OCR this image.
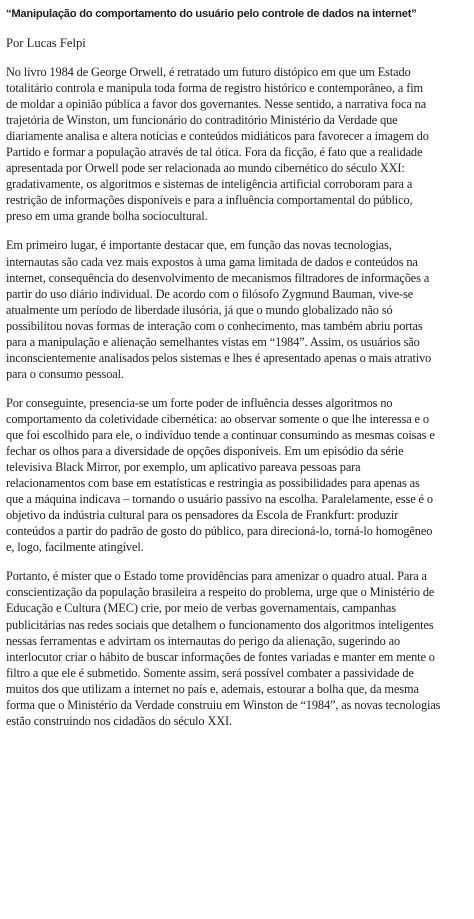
“Manipulação do comportamento do usuário pelo controle de dados na internet”
Por Lucas Felpi
No livro 1984 de George Orwell, é retratado um futuro distópico em que um Estado
totalitário controla e manipula toda forma de registro histórico e contemporâneo, a fim
de moldar a opinião pública a favor dos governantes. Nesse sentido, a narrativa foca na
trajetória de Winston, um funcionário do contraditório Ministério da Verdade que
diariamente analisa e altera notícias e conteúdos midiáticos para favorecer a imagem do
Partido e formar a população através de tal ótica. Fora da ficção, é fato que a realidade
apresentada por Orwell pode ser relacionada ao mundo cibernético do século XXI:
gradativamente, os algoritmos e sistemas de inteligência artificial corroboram para a
restrição de informações disponíveis e para a influência comportamental do público,
preso em uma grande bolha sociocultural.
Em primeiro lugar, é importante destacar que, em função das novas tecnologias,
internautas são cada vez mais expostos à uma gama limitada de dados e conteúdos na
internet, consequência do desenvolvimento de mecanismos filtradores de informações a
partir do uso diário individual. De acordo com o filósofo Zygmund Bauman, vive-se
atualmente um período de liberdade ilusória, já que o mundo globalizado não só
possibilitou novas formas de interação com o conhecimento, mas também abriu portas
para a manipulação e alienação semelhantes vistas em “1984”. Assim, os usuários são
inconscientemente analisados pelos sistemas e lhes é apresentado apenas o mais atrativo
para o consumo pessoal.
Por conseguinte, presencia-se um forte poder de influência desses algoritmos no
comportamento da coletividade cibernética: ao observar somente o que lhe interessa e o
que foi escolhido para ele, o indivíduo tende a continuar consumindo as mesmas coisas e
fechar os olhos para a diversidade de opções disponíveis. Em um episódio da série
televisiva Black Mirror, por exemplo, um aplicativo pareava pessoas para
relacionamentos com base em estatísticas e restringia as possibilidades para apenas as
que a máquina indicava – tornando o usuário passivo na escolha. Paralelamente, esse é o
objetivo da indústria cultural para os pensadores da Escola de Frankfurt: produzir
conteúdos a partir do padrão de gosto do público, para direcioná-lo, torná-lo homogêneo
e, logo, facilmente atingível.
Portanto, é mister que o Estado tome providências para amenizar o quadro atual. Para a
conscientização da população brasileira a respeito do problema, urge que o Ministério de
Educação e Cultura (MEC) crie, por meio de verbas governamentais, campanhas
publicitárias nas redes sociais que detalhem o funcionamento dos algoritmos inteligentes
nessas ferramentas e advirtam os internautas do perigo da alienação, sugerindo ao
interlocutor criar o hábito de buscar informações de fontes variadas e manter em mente o
filtro a que ele é submetido. Somente assim, será possível combater a passividade de
muitos dos que utilizam a internet no país e, ademais, estourar a bolha que, da mesma
forma que o Ministério da Verdade construiu em Winston de “1984”, as novas tecnologias
estão construindo nos cidadãos do século XXI.
